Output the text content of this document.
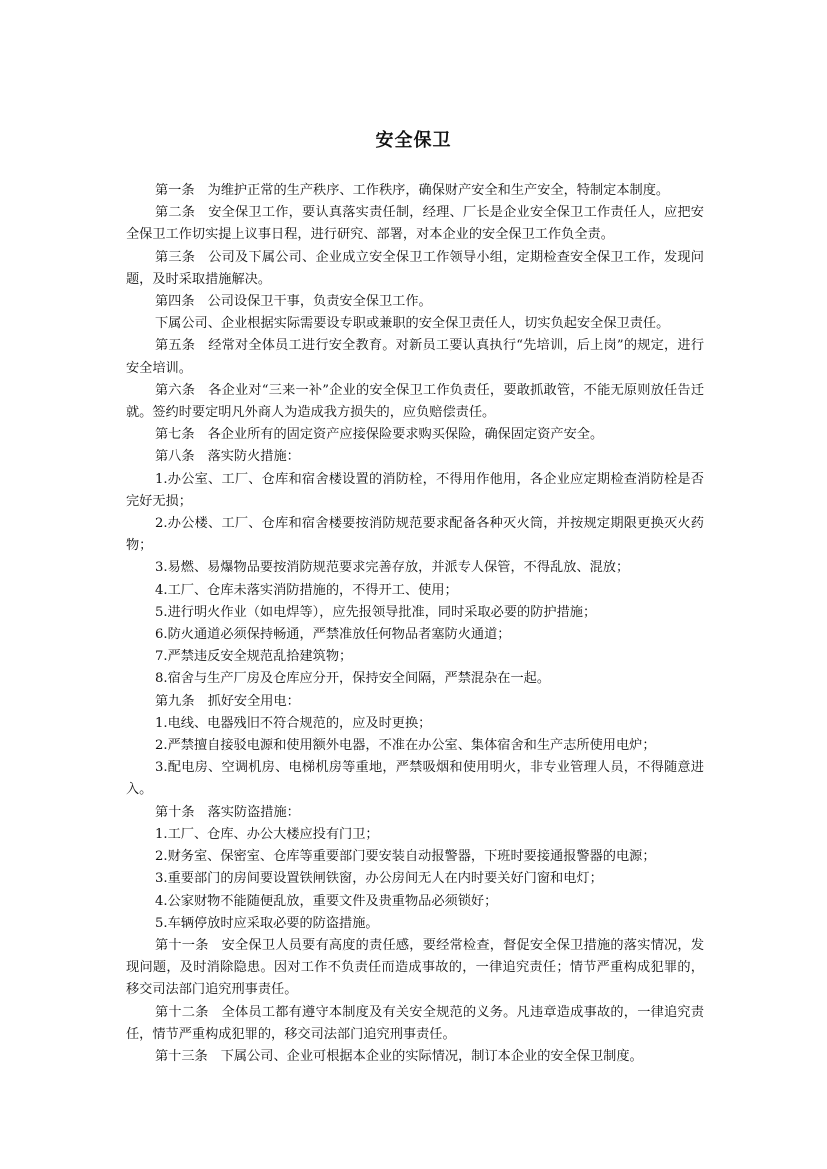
安全保卫

第一条 为维护正常的生产秩序、工作秩序，确保财产安全和生产安全，特制定本制度。

第二条 安全保卫工作，要认真落实责任制，经理、厂长是企业安全保卫工作责任人，应把安全保卫工作切实提上议事日程，进行研究、部署，对本企业的安全保卫工作负全责。

第三条 公司及下属公司、企业成立安全保卫工作领导小组，定期检查安全保卫工作，发现问题，及时采取措施解决。

第四条 公司设保卫干事，负责安全保卫工作。

下属公司、企业根据实际需要设专职或兼职的安全保卫责任人，切实负起安全保卫责任。

第五条 经常对全体员工进行安全教育。对新员工要认真执行“先培训，后上岗”的规定，进行安全培训。

第六条 各企业对“三来一补”企业的安全保卫工作负责任，要敢抓敢管，不能无原则放任告迁就。签约时要定明凡外商人为造成我方损失的，应负赔偿责任。

第七条 各企业所有的固定资产应接保险要求购买保险，确保固定资产安全。

第八条 落实防火措施：

1.办公室、工厂、仓库和宿舍楼设置的消防栓，不得用作他用，各企业应定期检查消防栓是否完好无损；

2.办公楼、工厂、仓库和宿舍楼要按消防规范要求配备各种灭火筒，并按规定期限更换灭火药物；

3.易燃、易爆物品要按消防规范要求完善存放，并派专人保管，不得乱放、混放；

4.工厂、仓库未落实消防措施的，不得开工、使用；

5.进行明火作业（如电焊等），应先报领导批准，同时采取必要的防护措施；

6.防火通道必须保持畅通，严禁准放任何物品者塞防火通道；

7.严禁违反安全规范乱拾建筑物；

8.宿舍与生产厂房及仓库应分开，保持安全间隔，严禁混杂在一起。

第九条 抓好安全用电：

1.电线、电器残旧不符合规范的，应及时更换；

2.严禁擅自接驳电源和使用额外电器，不准在办公室、集体宿舍和生产志所使用电炉；

3.配电房、空调机房、电梯机房等重地，严禁吸烟和使用明火，非专业管理人员，不得随意进入。

第十条 落实防盗措施：

1.工厂、仓库、办公大楼应投有门卫；

2.财务室、保密室、仓库等重要部门要安装自动报警器，下班时要接通报警器的电源；

3.重要部门的房间要设置铁闸铁窗，办公房间无人在内时要关好门窗和电灯；

4.公家财物不能随便乱放，重要文件及贵重物品必须锁好；

5.车辆停放时应采取必要的防盗措施。

第十一条 安全保卫人员要有高度的责任感，要经常检查，督促安全保卫措施的落实情况，发现问题，及时消除隐患。因对工作不负责任而造成事故的，一律追究责任；情节严重构成犯罪的，移交司法部门追究刑事责任。

第十二条 全体员工都有遵守本制度及有关安全规范的义务。凡违章造成事故的，一律追究责任，情节严重构成犯罪的，移交司法部门追究刑事责任。

第十三条 下属公司、企业可根据本企业的实际情况，制订本企业的安全保卫制度。
